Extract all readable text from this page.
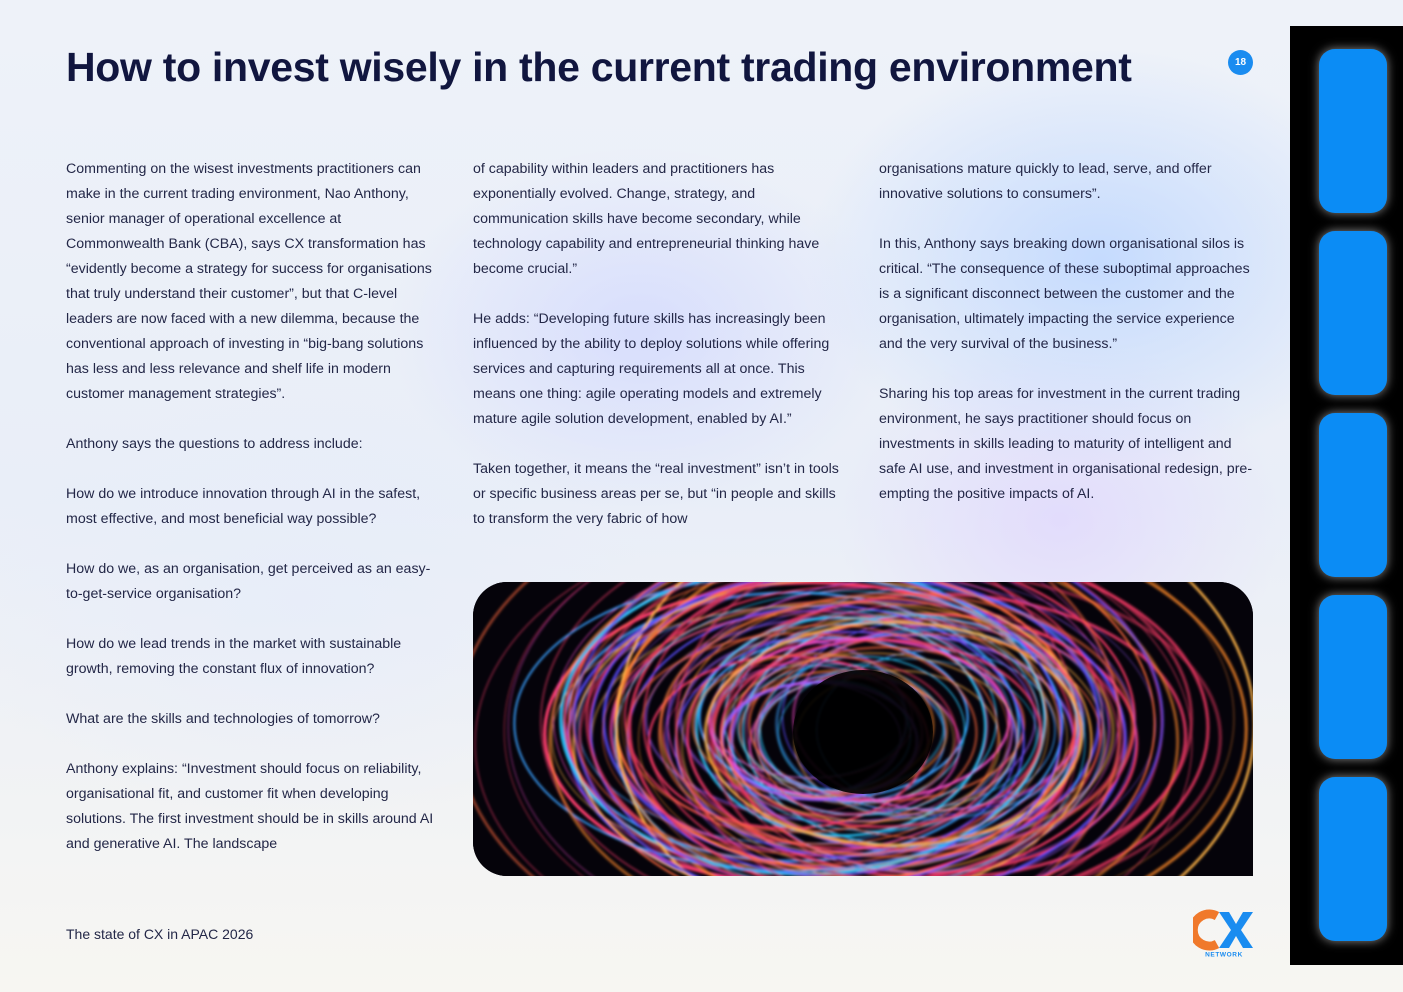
How to invest wisely in the current trading environment	18

Commenting on the wisest investments practitioners can make in the current trading environment, Nao Anthony, senior manager of operational excellence at Commonwealth Bank (CBA), says CX transformation has “evidently become a strategy for success for organisations that truly understand their customer”, but that C-level leaders are now faced with a new dilemma, because the conventional approach of investing in “big-bang solutions has less and less relevance and shelf life in modern customer management strategies”.

Anthony says the questions to address include:

How do we introduce innovation through AI in the safest, most effective, and most beneficial way possible?

How do we, as an organisation, get perceived as an easy-to-get-service organisation?

How do we lead trends in the market with sustainable growth, removing the constant flux of innovation?

What are the skills and technologies of tomorrow?

Anthony explains: “Investment should focus on reliability, organisational fit, and customer fit when developing solutions. The first investment should be in skills around AI and generative AI. The landscape

of capability within leaders and practitioners has exponentially evolved. Change, strategy, and communication skills have become secondary, while technology capability and entrepreneurial thinking have become crucial.”

He adds: “Developing future skills has increasingly been influenced by the ability to deploy solutions while offering services and capturing requirements all at once. This means one thing: agile operating models and extremely mature agile solution development, enabled by AI.”

Taken together, it means the “real investment” isn’t in tools or specific business areas per se, but “in people and skills to transform the very fabric of how

organisations mature quickly to lead, serve, and offer innovative solutions to consumers”.

In this, Anthony says breaking down organisational silos is critical. “The consequence of these suboptimal approaches is a significant disconnect between the customer and the organisation, ultimately impacting the service experience and the very survival of the business.”

Sharing his top areas for investment in the current trading environment, he says practitioner should focus on investments in skills leading to maturity of intelligent and safe AI use, and investment in organisational redesign, pre-empting the positive impacts of AI.

The state of CX in APAC 2026
NETWORK
